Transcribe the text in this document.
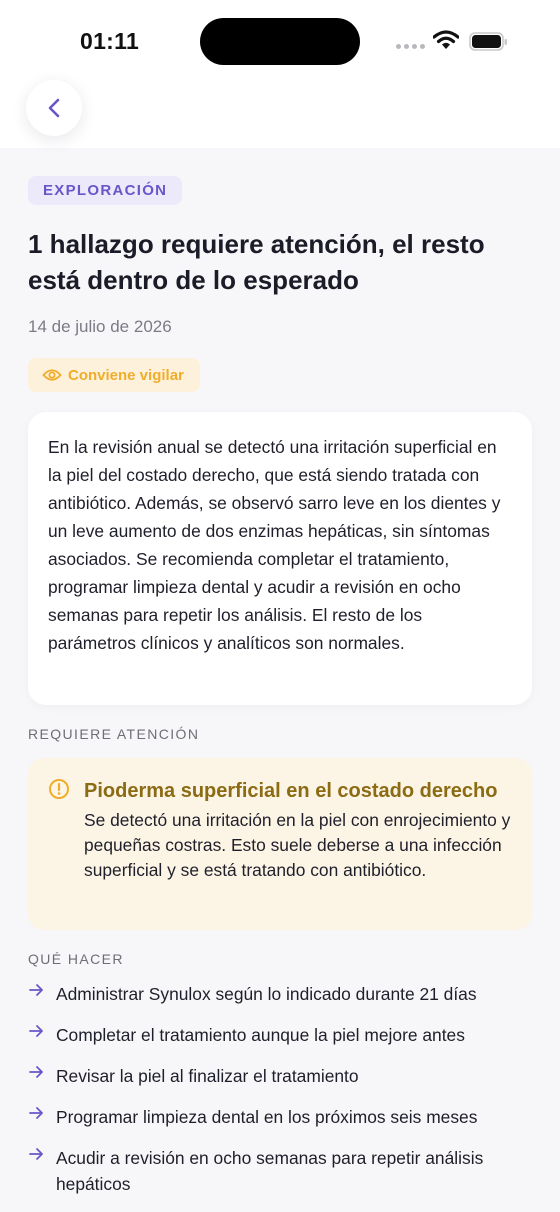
01:11
EXPLORACIÓN
1 hallazgo requiere atención, el resto está dentro de lo esperado
14 de julio de 2026
Conviene vigilar

En la revisión anual se detectó una irritación superficial en la piel del costado derecho, que está siendo tratada con antibiótico. Además, se observó sarro leve en los dientes y un leve aumento de dos enzimas hepáticas, sin síntomas asociados. Se recomienda completar el tratamiento, programar limpieza dental y acudir a revisión en ocho semanas para repetir los análisis. El resto de los parámetros clínicos y analíticos son normales.

REQUIERE ATENCIÓN
Pioderma superficial en el costado derecho
Se detectó una irritación en la piel con enrojecimiento y pequeñas costras. Esto suele deberse a una infección superficial y se está tratando con antibiótico.
QUÉ HACER
Administrar Synulox según lo indicado durante 21 días
Completar el tratamiento aunque la piel mejore antes
Revisar la piel al finalizar el tratamiento
Programar limpieza dental en los próximos seis meses
Acudir a revisión en ocho semanas para repetir análisis hepáticos
